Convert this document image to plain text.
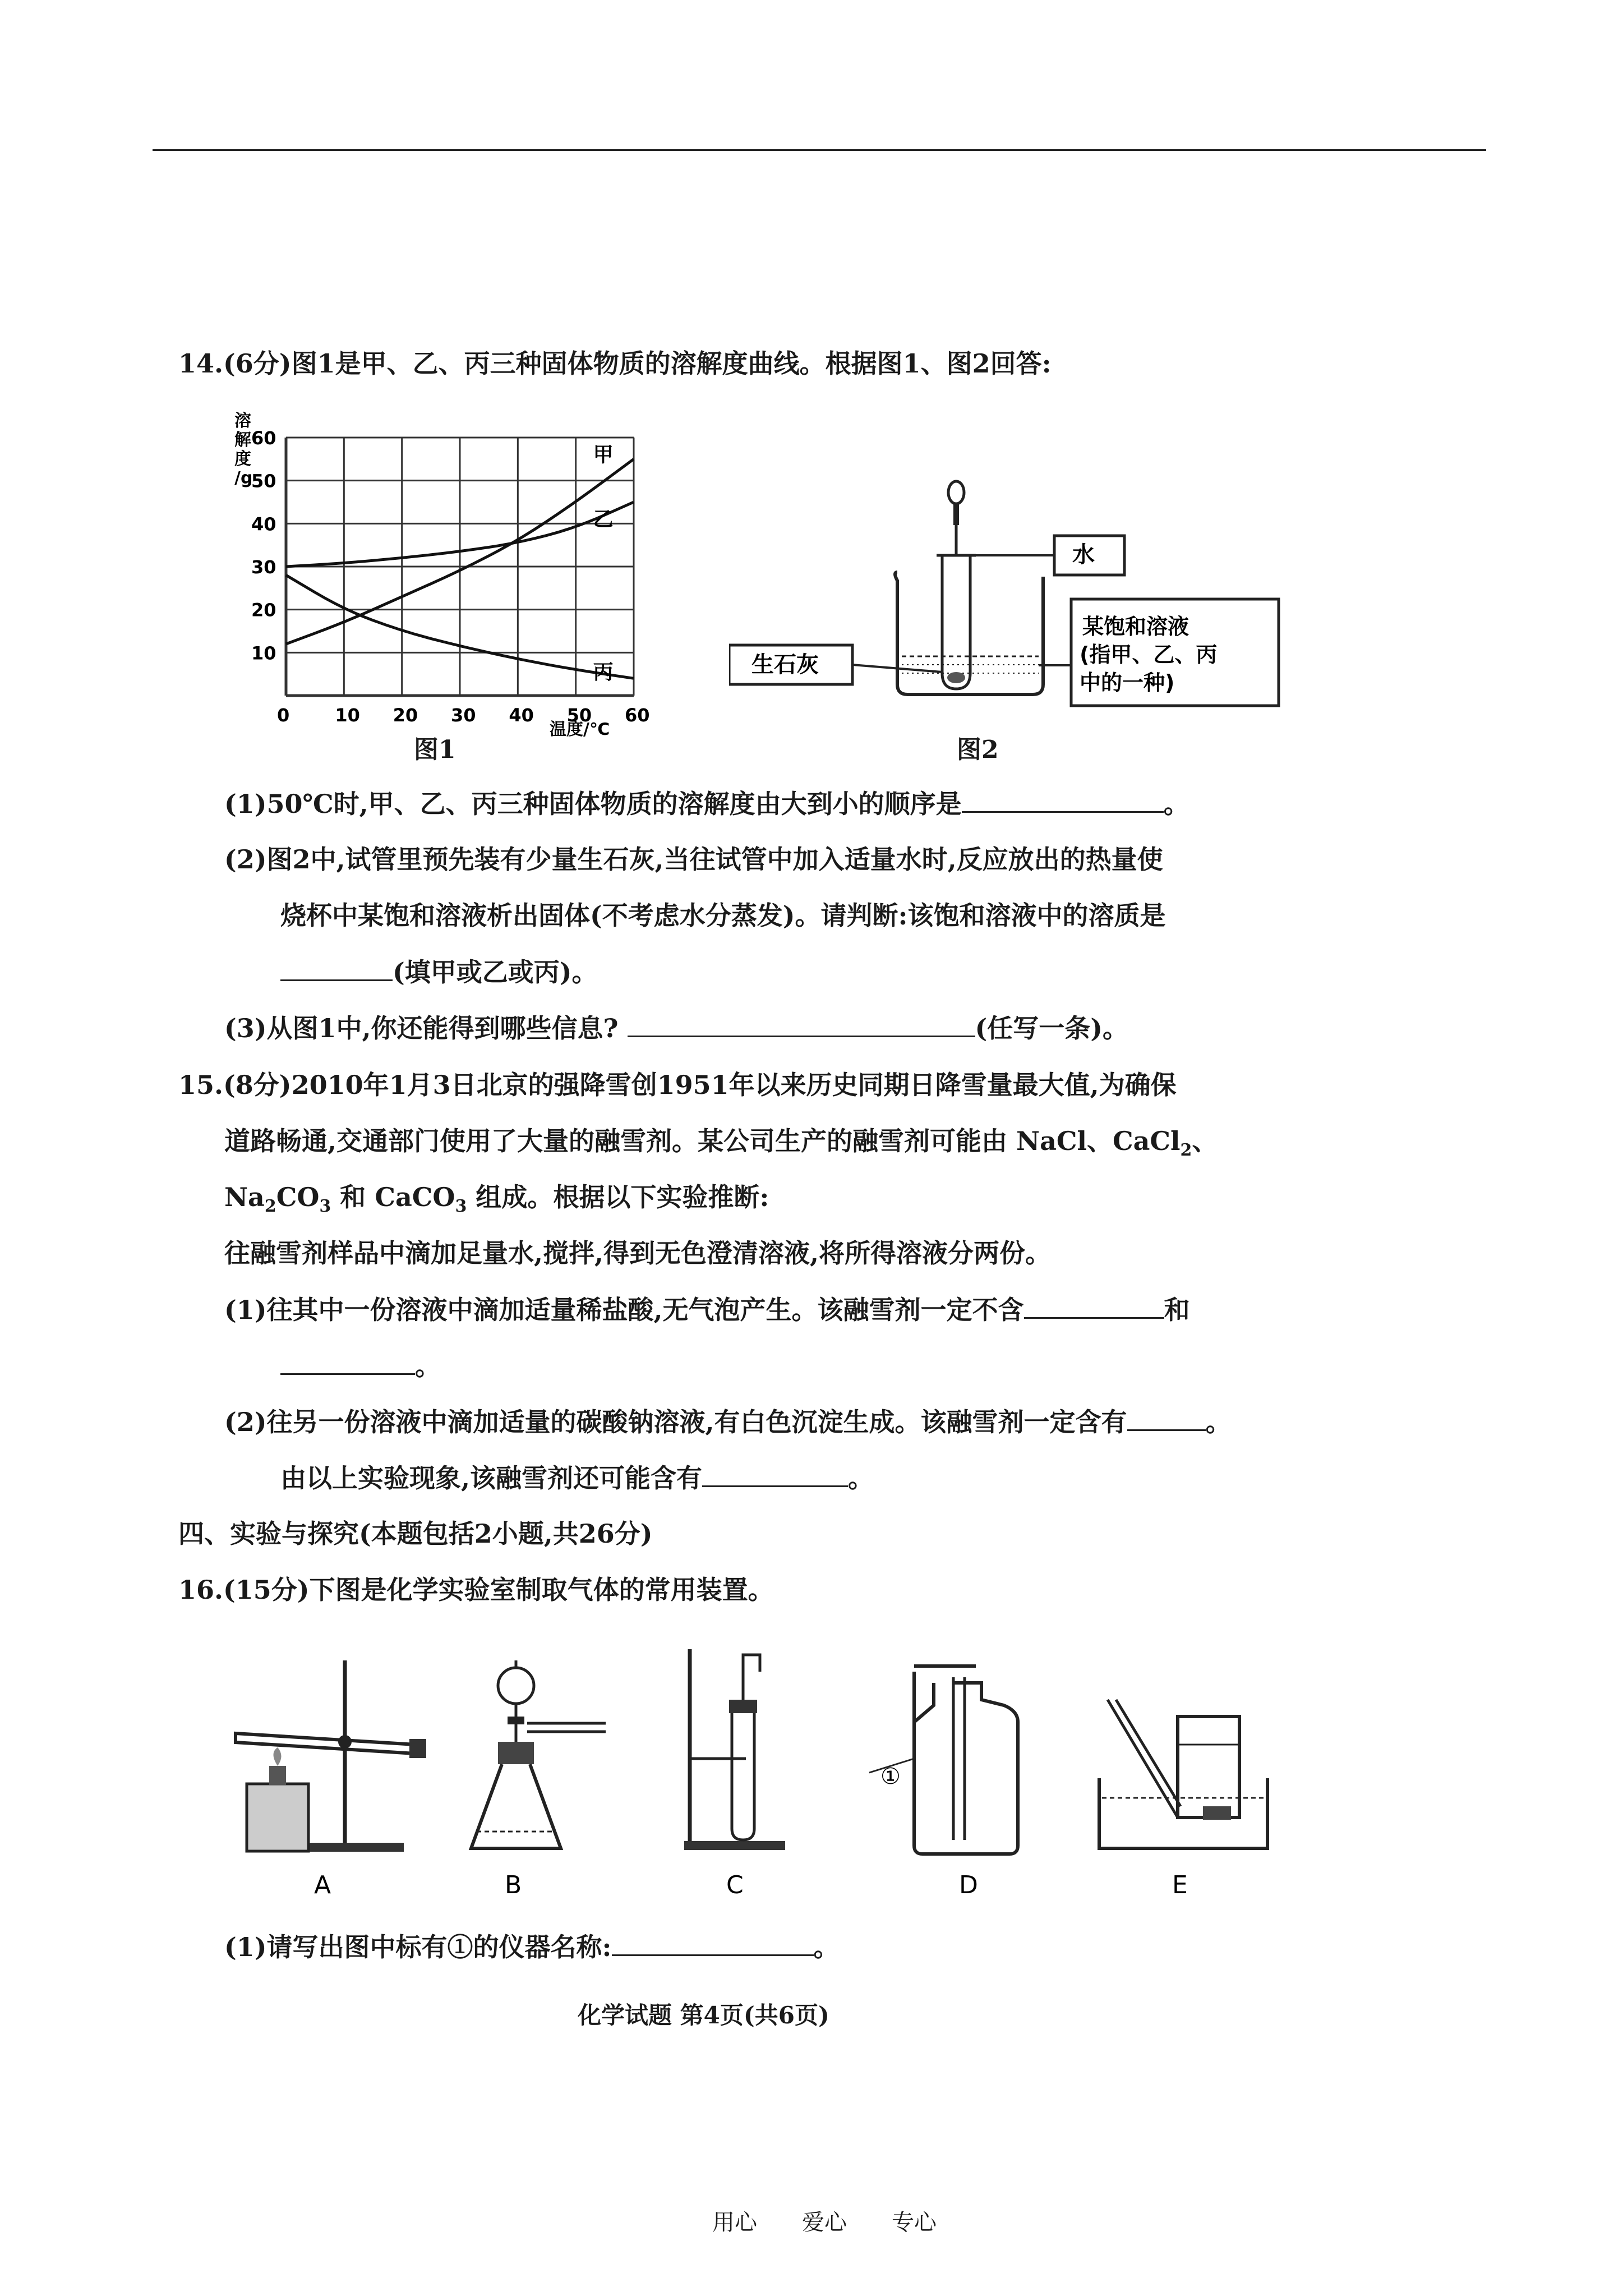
14.(6分)图1是甲、乙、丙三种固体物质的溶解度曲线。根据图1、图2回答:
甲
乙
丙
0	10 20 30 40 50 60
10
20
30
40
50
60
溶
解
度
/g
温度/℃
图1
水
生石灰
某饱和溶液
(指甲、乙、丙
中的一种)
图2
(1)50℃时,甲、乙、丙三种固体物质的溶解度由大到小的顺序是	。
(2)图2中,试管里预先装有少量生石灰,当往试管中加入适量水时,反应放出的热量使
烧杯中某饱和溶液析出固体(不考虑水分蒸发)。请判断:该饱和溶液中的溶质是
(填甲或乙或丙)。
(3)从图1中,你还能得到哪些信息?	(任写一条)。
15.(8分)2010年1月3日北京的强降雪创1951年以来历史同期日降雪量最大值,为确保
道路畅通,交通部门使用了大量的融雪剂。某公司生产的融雪剂可能由 NaCl、CaCl$_2$、
$Na_2CO_3$ 和 CaCO$_3$ 组成。根据以下实验推断:
往融雪剂样品中滴加足量水,搅拌,得到无色澄清溶液,将所得溶液分两份。
(1)往其中一份溶液中滴加适量稀盐酸,无气泡产生。该融雪剂一定不含	和
。
(2)往另一份溶液中滴加适量的碳酸钠溶液,有白色沉淀生成。该融雪剂一定含有	。
由以上实验现象,该融雪剂还可能含有	。
四、实验与探究(本题包括2小题,共26分)
16.(15分)下图是化学实验室制取气体的常用装置。
A	B	C
①
D	E
(1)请写出图中标有①的仪器名称:	。
化学试题 第4页(共6页)
用心 爱心 专心
